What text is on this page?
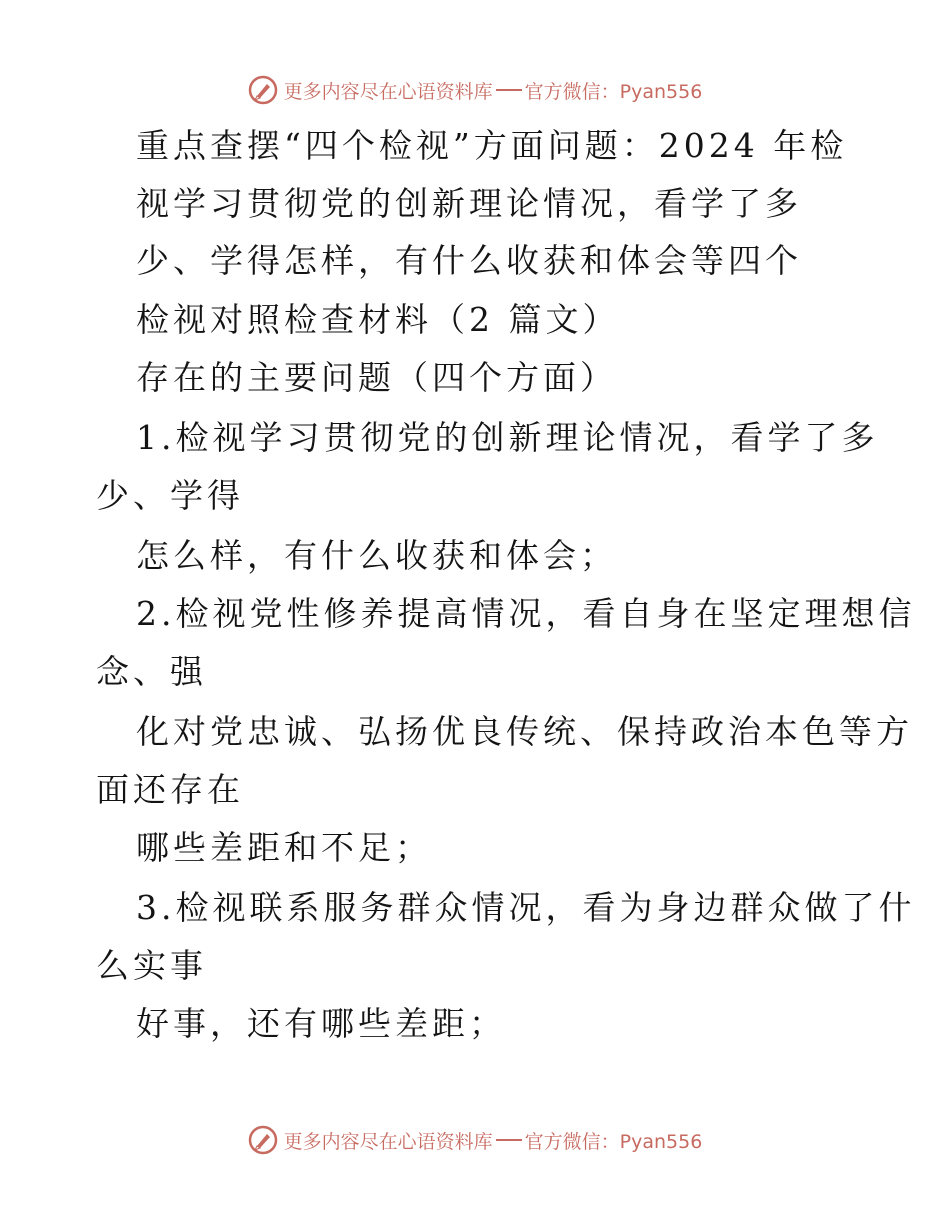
更多内容尽在心语资料库 官方微信：Pyan556
重点查摆“四个检视”方面问题：2024 年检
视学习贯彻党的创新理论情况，看学了多
少、学得怎样，有什么收获和体会等四个
检视对照检查材料（2 篇文）
存在的主要问题（四个方面）
1.检视学习贯彻党的创新理论情况，看学了多
少、学得
怎么样，有什么收获和体会；
2.检视党性修养提高情况，看自身在坚定理想信
念、强
化对党忠诚、弘扬优良传统、保持政治本色等方
面还存在
哪些差距和不足；
3.检视联系服务群众情况，看为身边群众做了什
么实事
好事，还有哪些差距；
更多内容尽在心语资料库 官方微信：Pyan556
